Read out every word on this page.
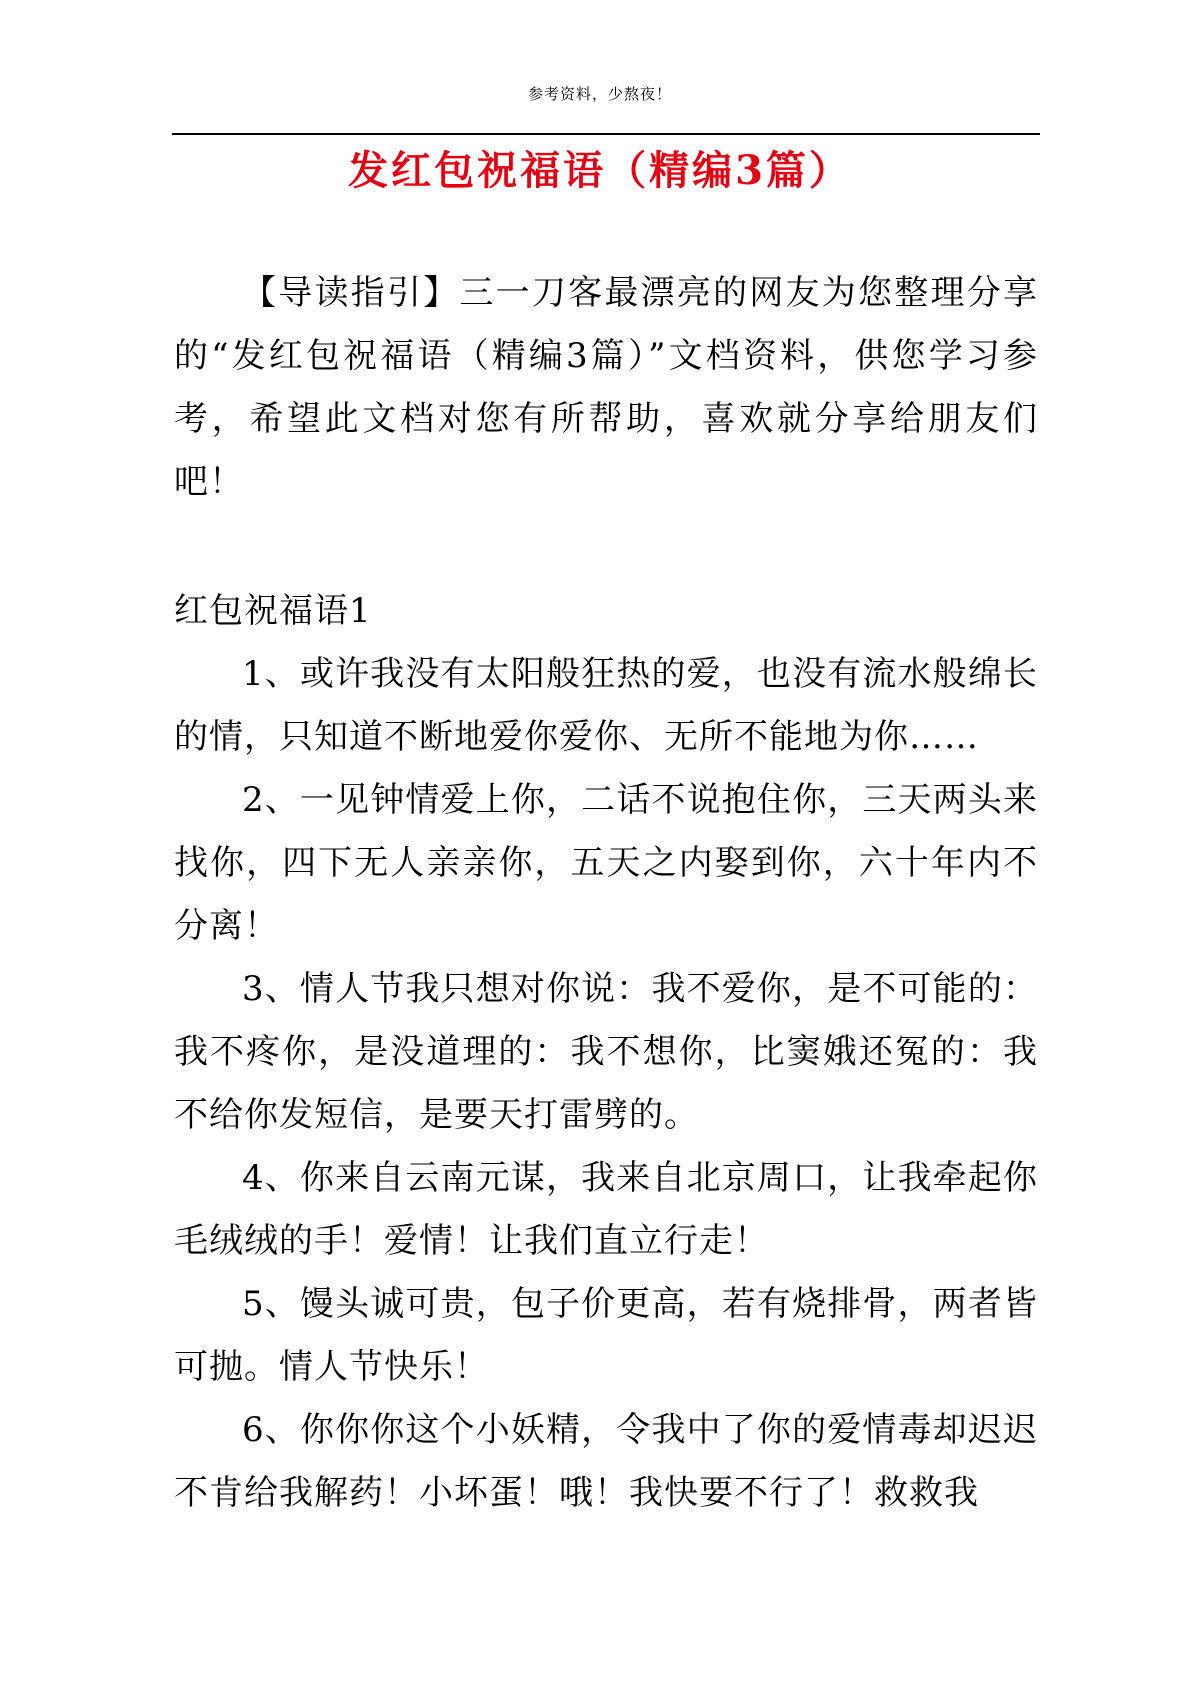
参考资料，少熬夜！
发红包祝福语（精编3篇）

【导读指引】三一刀客最漂亮的网友为您整理分享的“发红包祝福语（精编3篇）”文档资料，供您学习参考，希望此文档对您有所帮助，喜欢就分享给朋友们吧！

红包祝福语1

1、或许我没有太阳般狂热的爱，也没有流水般绵长的情，只知道不断地爱你爱你、无所不能地为你……

2、一见钟情爱上你，二话不说抱住你，三天两头来找你，四下无人亲亲你，五天之内娶到你，六十年内不分离！

3、情人节我只想对你说：我不爱你，是不可能的：我不疼你，是没道理的：我不想你，比窦娥还冤的：我不给你发短信，是要天打雷劈的。

4、你来自云南元谋，我来自北京周口，让我牵起你毛绒绒的手！爱情！让我们直立行走！

5、馒头诚可贵，包子价更高，若有烧排骨，两者皆可抛。情人节快乐！

6、你你你这个小妖精，令我中了你的爱情毒却迟迟不肯给我解药！小坏蛋！哦！我快要不行了！救救我
